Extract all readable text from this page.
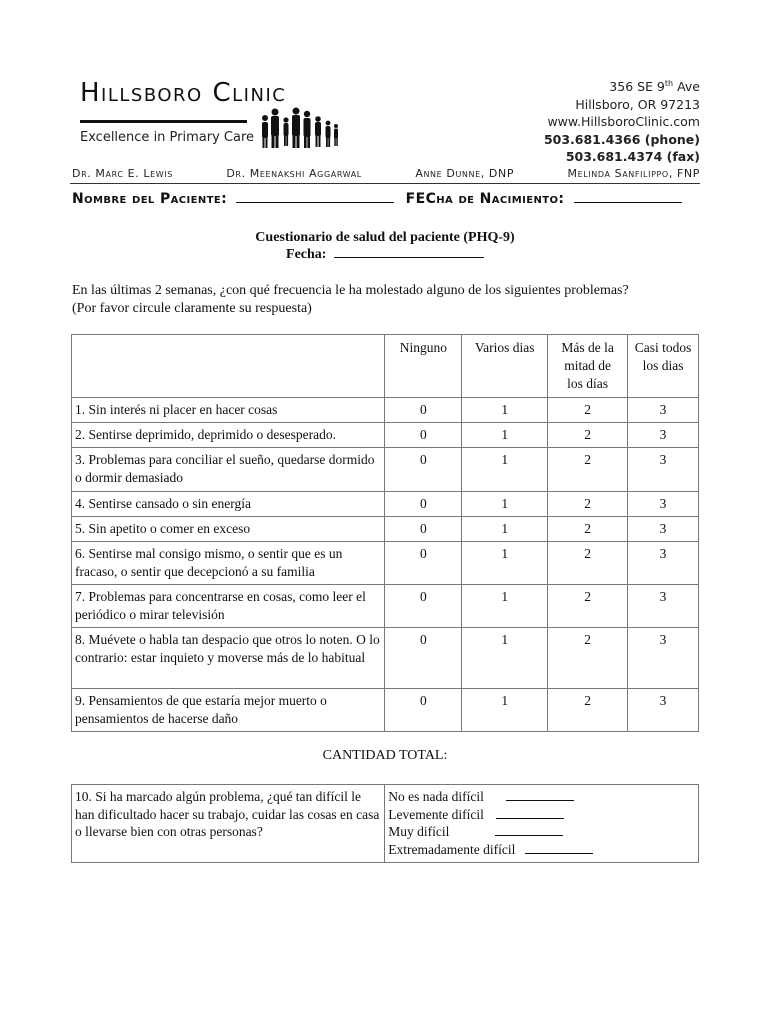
Hillsboro Clinic
Excellence in Primary Care
356 SE 9th Ave
Hillsboro, OR 97213
www.HillsboroClinic.com
503.681.4366 (phone)
503.681.4374 (fax)
Dr. Marc E. Lewis	Dr. Meenakshi Aggarwal	Anne Dunne, DNP	Melinda Sanfilippo, FNP
Nombre del Paciente:	FECha de Nacimiento:
Cuestionario de salud del paciente (PHQ-9)
Fecha:
En las últimas 2 semanas, ¿con qué frecuencia le ha molestado alguno de los siguientes problemas?
(Por favor circule claramente su respuesta)
	Ninguno	Varios dias	Más de la mitad de los días	Casi todos los dias
1. Sin interés ni placer en hacer cosas	0	1	2	3
2. Sentirse deprimido, deprimido o desesperado.	0	1	2	3
3. Problemas para conciliar el sueño, quedarse dormido o dormir demasiado	0	1	2	3
4. Sentirse cansado o sin energía	0	1	2	3
5. Sin apetito o comer en exceso	0	1	2	3
6. Sentirse mal consigo mismo, o sentir que es un fracaso, o sentir que decepcionó a su familia	0	1	2	3
7. Problemas para concentrarse en cosas, como leer el periódico o mirar televisión	0	1	2	3
8. Muévete o habla tan despacio que otros lo noten. O lo contrario: estar inquieto y moverse más de lo habitual	0	1	2	3
9. Pensamientos de que estaría mejor muerto o pensamientos de hacerse daño	0	1	2	3
CANTIDAD TOTAL:
10. Si ha marcado algún problema, ¿qué tan difícil le han dificultado hacer su trabajo, cuidar las cosas en casa o llevarse bien con otras personas?	
No es nada difícil
Levemente difícil
Muy difícil
Extremadamente difícil
